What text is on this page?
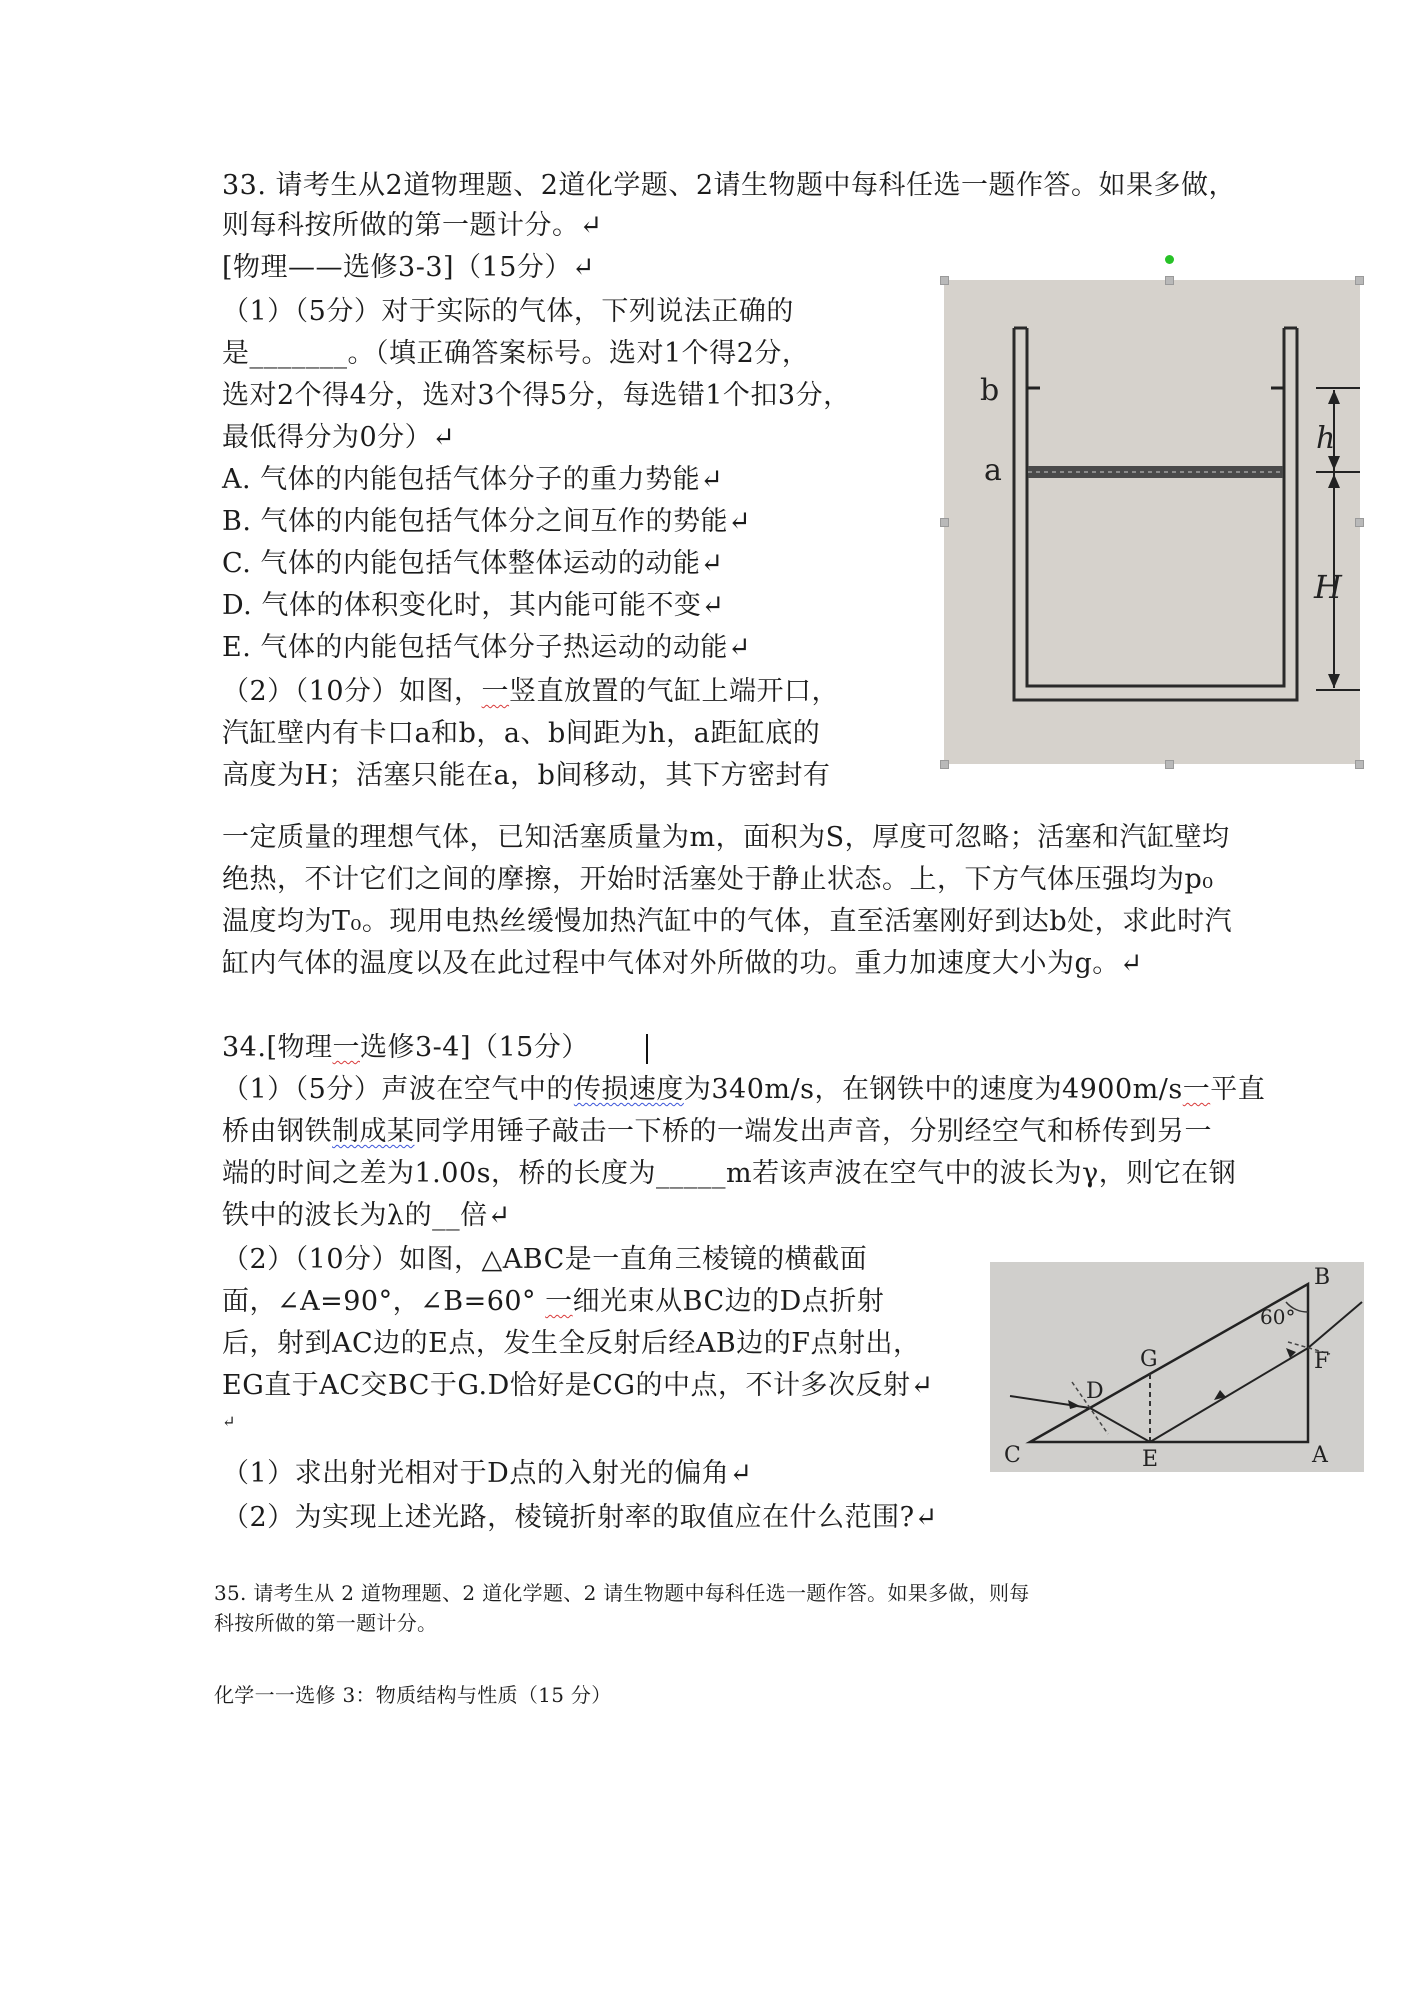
33. 请考生从2道物理题、2道化学题、2请生物题中每科任选一题作答。如果多做，
则每科按所做的第一题计分。↵
[物理——选修3-3]（15分）↵
（1）（5分）对于实际的气体，下列说法正确的
是_______。（填正确答案标号。选对1个得2分，
选对2个得4分，选对3个得5分，每选错1个扣3分，
最低得分为0分）↵
A. 气体的内能包括气体分子的重力势能↵
B. 气体的内能包括气体分之间互作的势能↵
C. 气体的内能包括气体整体运动的动能↵
D. 气体的体积变化时，其内能可能不变↵
E. 气体的内能包括气体分子热运动的动能↵
（2）（10分）如图，一竖直放置的气缸上端开口，
汽缸壁内有卡口a和b，a、b间距为h，a距缸底的
高度为H；活塞只能在a，b间移动，其下方密封有
一定质量的理想气体，已知活塞质量为m，面积为S，厚度可忽略；活塞和汽缸壁均
绝热，不计它们之间的摩擦，开始时活塞处于静止状态。上，下方气体压强均为p₀
温度均为T₀。现用电热丝缓慢加热汽缸中的气体，直至活塞刚好到达b处，求此时汽
缸内气体的温度以及在此过程中气体对外所做的功。重力加速度大小为g。↵
b
a
h
H
34.[物理一选修3-4]（15分）
（1）（5分）声波在空气中的传损速度为340m/s，在钢铁中的速度为4900m/s一平直
桥由钢铁制成某同学用锤子敲击一下桥的一端发出声音，分别经空气和桥传到另一
端的时间之差为1.00s，桥的长度为_____m若该声波在空气中的波长为γ，则它在钢
铁中的波长为λ的__倍↵
（2）（10分）如图，△ABC是一直角三棱镜的横截面
面，∠A=90°，∠B=60° 一细光束从BC边的D点折射
后，射到AC边的E点，发生全反射后经AB边的F点射出，
EG直于AC交BC于G.D恰好是CG的中点，不计多次反射↵
↵
（1）求出射光相对于D点的入射光的偏角↵
（2）为实现上述光路，棱镜折射率的取值应在什么范围?↵
B
60°
G	F
D
C	E	A
35. 请考生从 2 道物理题、2 道化学题、2 请生物题中每科任选一题作答。如果多做，则每
科按所做的第一题计分。
化学一一选修 3：物质结构与性质（15 分）
